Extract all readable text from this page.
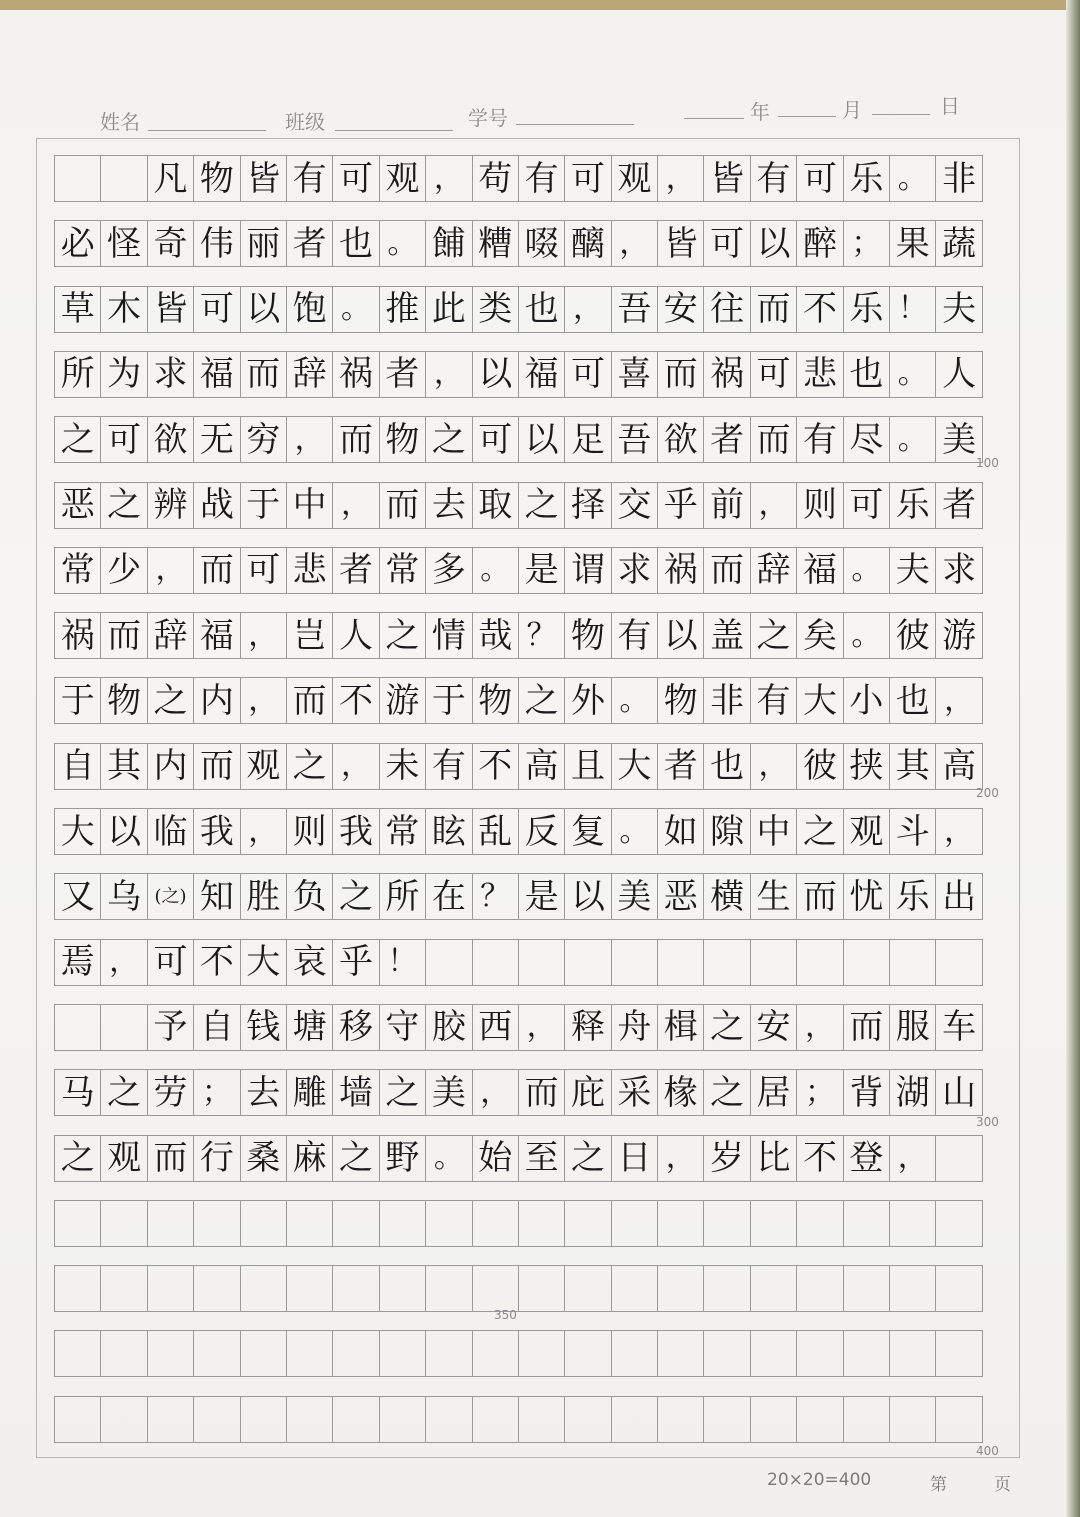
姓名	班级	学号	年	月	日
凡 物 皆 有 可 观 ， 苟 有 可 观 ， 皆 有 可 乐 。 非
必 怪 奇 伟 丽 者 也 。 餔 糟 啜 醨 ， 皆 可 以 醉 ； 果 蔬
草 木 皆 可 以 饱 。 推 此 类 也 ， 吾 安 往 而 不 乐 ！ 夫
所 为 求 福 而 辞 祸 者 ， 以 福 可 喜 而 祸 可 悲 也 。 人
之 可 欲 无 穷 ， 而 物 之 可 以 足 吾 欲 者 而 有 尽 。 美
恶 之 辨 战 于 中 ， 而 去 取 之 择 交 乎 前 ， 则 可 乐 者
常 少 ， 而 可 悲 者 常 多 。 是 谓 求 祸 而 辞 福 。 夫 求
祸 而 辞 福 ， 岂 人 之 情 哉 ？ 物 有 以 盖 之 矣 。 彼 游
于 物 之 内 ， 而 不 游 于 物 之 外 。 物 非 有 大 小 也 ，
自 其 内 而 观 之 ， 未 有 不 高 且 大 者 也 ， 彼 挟 其 高
大 以 临 我 ， 则 我 常 眩 乱 反 复 。 如 隙 中 之 观 斗 ，
又 乌 (之) 知 胜 负 之 所 在 ？ 是 以 美 恶 横 生 而 忧 乐 出
焉 ， 可 不 大 哀 乎 ！
予 自 钱 塘 移 守 胶 西 ， 释 舟 楫 之 安 ， 而 服 车
马 之 劳 ； 去 雕 墙 之 美 ， 而 庇 采 椽 之 居 ； 背 湖 山
之 观 而 行 桑 麻 之 野 。 始 至 之 日 ， 岁 比 不 登 ，
100
200
300
350
400
20×20=400	第	页
